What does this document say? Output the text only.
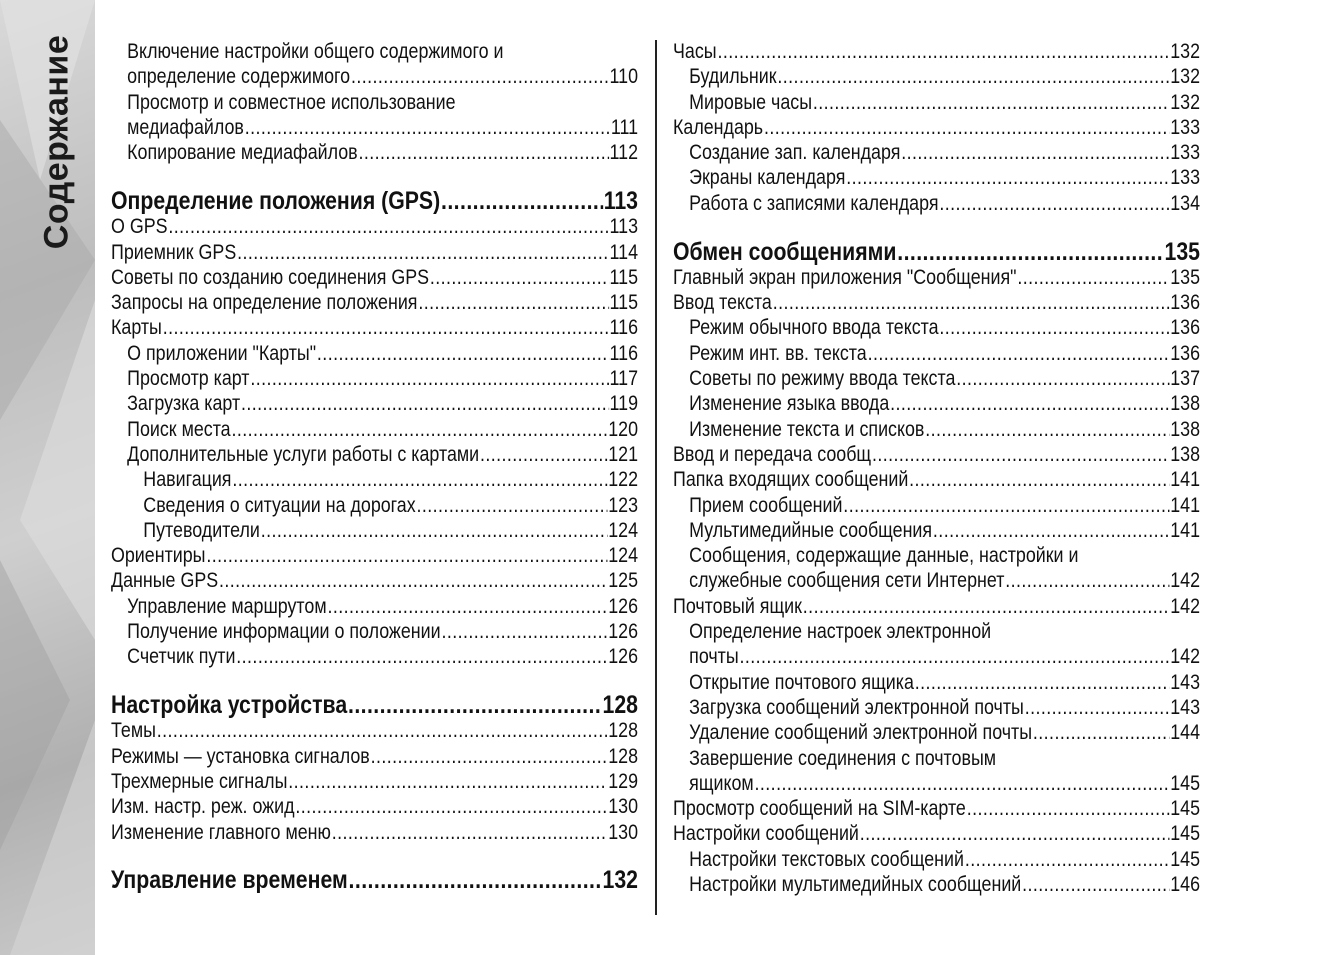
Содержание Включение настройки общего содержимого и
определение содержимого .....	110
Просмотр и совместное использование
медиафайлов .....	111
Копирование медиафайлов .....	112
Определение положения (GPS) .....	113
О GPS .....	113
Приемник GPS .....	114
Советы по созданию соединения GPS .....	115
Запросы на определение положения .....	115
Карты .....	116
О приложении "Карты" .....	116
Просмотр карт .....	117
Загрузка карт .....	119
Поиск места .....	120
Дополнительные услуги работы с картами .....	121
Навигация .....	122
Сведения о ситуации на дорогах .....	123
Путеводители .....	124
Ориентиры .....	124
Данные GPS .....	125
Управление маршрутом .....	126
Получение информации о положении .....	126
Счетчик пути .....	126
Настройка устройства .....	128
Темы .....	128
Режимы — установка сигналов .....	128
Трехмерные сигналы .....	129
Изм. настр. реж. ожид .....	130
Изменение главного меню .....	130
Управление временем .....	132
Часы .....	132
Будильник .....	132
Мировые часы .....	132
Календарь .....	133
Создание зап. календаря .....	133
Экраны календаря .....	133
Работа с записями календаря .....	134
Обмен сообщениями .....	135
Главный экран приложения "Сообщения" .....	135
Ввод текста .....	136
Режим обычного ввода текста .....	136
Режим инт. вв. текста .....	136
Советы по режиму ввода текста .....	137
Изменение языка ввода .....	138
Изменение текста и списков .....	138
Ввод и передача сообщ .....	138
Папка входящих сообщений .....	141
Прием сообщений .....	141
Мультимедийные сообщения .....	141
Сообщения, содержащие данные, настройки и
служебные сообщения сети Интернет .....	142
Почтовый ящик .....	142
Определение настроек электронной
почты .....	142
Открытие почтового ящика .....	143
Загрузка сообщений электронной почты .....	143
Удаление сообщений электронной почты .....	144
Завершение соединения с почтовым
ящиком .....	145
Просмотр сообщений на SIM-карте .....	145
Настройки сообщений .....	145
Настройки текстовых сообщений .....	145
Настройки мультимедийных сообщений .....	146
